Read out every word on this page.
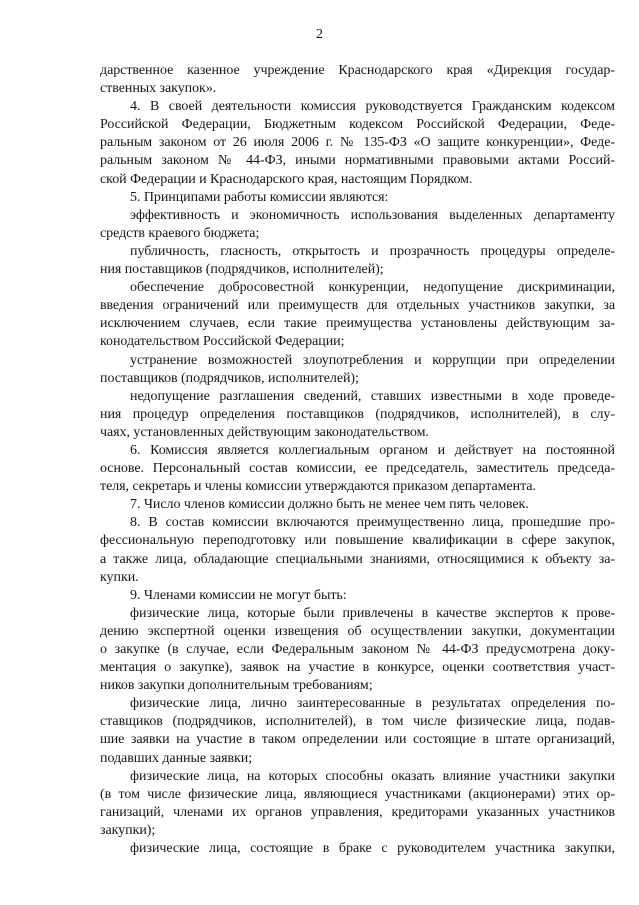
2
дарственное казенное учреждение Краснодарского края «Дирекция государ-
ственных закупок».
4. В своей деятельности комиссия руководствуется Гражданским кодексом
Российской Федерации, Бюджетным кодексом Российской Федерации, Феде-
ральным законом от 26 июля 2006 г. № 135-ФЗ «О защите конкуренции», Феде-
ральным законом № 44-ФЗ, иными нормативными правовыми актами Россий-
ской Федерации и Краснодарского края, настоящим Порядком.
5. Принципами работы комиссии являются:
эффективность и экономичность использования выделенных департаменту
средств краевого бюджета;
публичность, гласность, открытость и прозрачность процедуры определе-
ния поставщиков (подрядчиков, исполнителей);
обеспечение добросовестной конкуренции, недопущение дискриминации,
введения ограничений или преимуществ для отдельных участников закупки, за
исключением случаев, если такие преимущества установлены действующим за-
конодательством Российской Федерации;
устранение возможностей злоупотребления и коррупции при определении
поставщиков (подрядчиков, исполнителей);
недопущение разглашения сведений, ставших известными в ходе проведе-
ния процедур определения поставщиков (подрядчиков, исполнителей), в слу-
чаях, установленных действующим законодательством.
6. Комиссия является коллегиальным органом и действует на постоянной
основе. Персональный состав комиссии, ее председатель, заместитель председа-
теля, секретарь и члены комиссии утверждаются приказом департамента.
7. Число членов комиссии должно быть не менее чем пять человек.
8. В состав комиссии включаются преимущественно лица, прошедшие про-
фессиональную переподготовку или повышение квалификации в сфере закупок,
а также лица, обладающие специальными знаниями, относящимися к объекту за-
купки.
9. Членами комиссии не могут быть:
физические лица, которые были привлечены в качестве экспертов к прове-
дению экспертной оценки извещения об осуществлении закупки, документации
о закупке (в случае, если Федеральным законом № 44-ФЗ предусмотрена доку-
ментация о закупке), заявок на участие в конкурсе, оценки соответствия участ-
ников закупки дополнительным требованиям;
физические лица, лично заинтересованные в результатах определения по-
ставщиков (подрядчиков, исполнителей), в том числе физические лица, подав-
шие заявки на участие в таком определении или состоящие в штате организаций,
подавших данные заявки;
физические лица, на которых способны оказать влияние участники закупки
(в том числе физические лица, являющиеся участниками (акционерами) этих ор-
ганизаций, членами их органов управления, кредиторами указанных участников
закупки);
физические лица, состоящие в браке с руководителем участника закупки,
